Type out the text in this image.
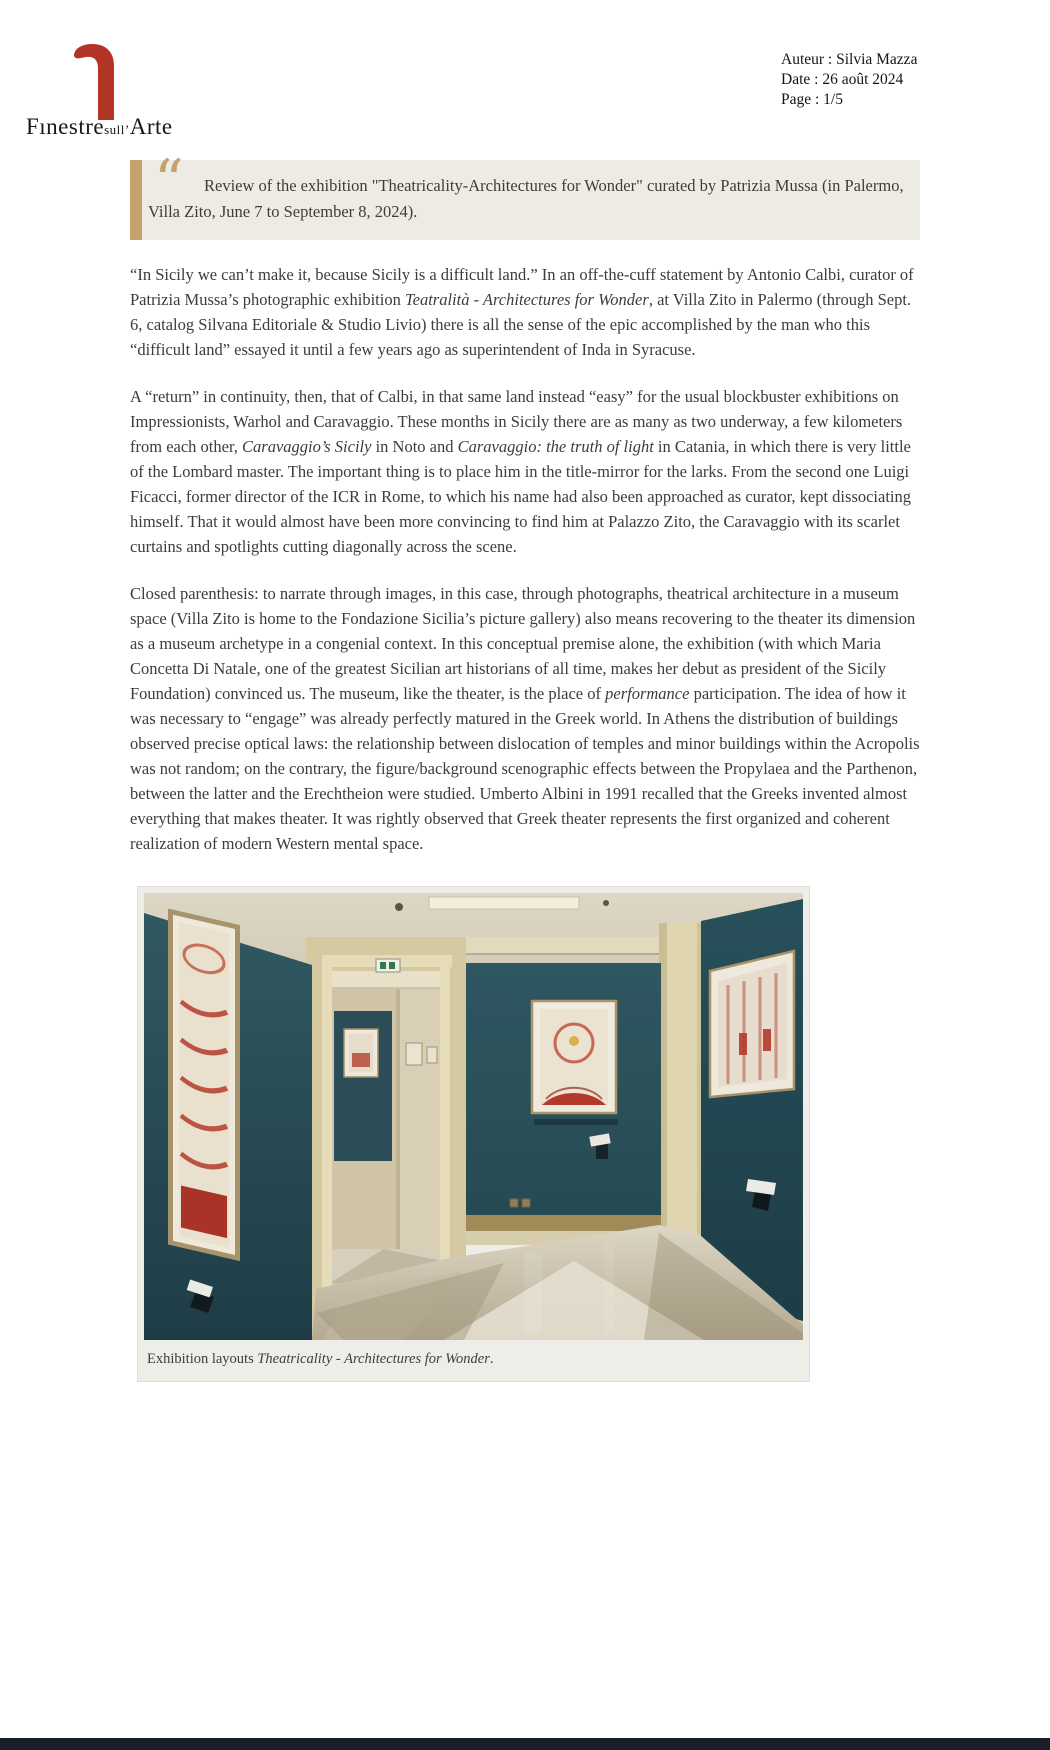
Fınestresull’Arte
Auteur : Silvia Mazza
Date : 26 août 2024
Page : 1/5
“	Review of the exhibition "Theatricality-Architectures for Wonder" curated by Patrizia Mussa (in Palermo, Villa Zito, June 7 to September 8, 2024).

“In Sicily we can’t make it, because Sicily is a difficult land.” In an off-the-cuff statement by Antonio Calbi, curator of Patrizia Mussa’s photographic exhibition Teatralità - Architectures for Wonder, at Villa Zito in Palermo (through Sept. 6, catalog Silvana Editoriale & Studio Livio) there is all the sense of the epic accomplished by the man who this “difficult land” essayed it until a few years ago as superintendent of Inda in Syracuse.

A “return” in continuity, then, that of Calbi, in that same land instead “easy” for the usual blockbuster exhibitions on Impressionists, Warhol and Caravaggio. These months in Sicily there are as many as two underway, a few kilometers from each other, Caravaggio’s Sicily in Noto and Caravaggio: the truth of light in Catania, in which there is very little of the Lombard master. The important thing is to place him in the title-mirror for the larks. From the second one Luigi Ficacci, former director of the ICR in Rome, to which his name had also been approached as curator, kept dissociating himself. That it would almost have been more convincing to find him at Palazzo Zito, the Caravaggio with its scarlet curtains and spotlights cutting diagonally across the scene.

Closed parenthesis: to narrate through images, in this case, through photographs, theatrical architecture in a museum space (Villa Zito is home to the Fondazione Sicilia’s picture gallery) also means recovering to the theater its dimension as a museum archetype in a congenial context. In this conceptual premise alone, the exhibition (with which Maria Concetta Di Natale, one of the greatest Sicilian art historians of all time, makes her debut as president of the Sicily Foundation) convinced us. The museum, like the theater, is the place of performance participation. The idea of how it was necessary to “engage” was already perfectly matured in the Greek world. In Athens the distribution of buildings observed precise optical laws: the relationship between dislocation of temples and minor buildings within the Acropolis was not random; on the contrary, the figure/background scenographic effects between the Propylaea and the Parthenon, between the latter and the Erechtheion were studied. Umberto Albini in 1991 recalled that the Greeks invented almost everything that makes theater. It was rightly observed that Greek theater represents the first organized and coherent realization of modern Western mental space.

Exhibition layouts Theatricality - Architectures for Wonder.
